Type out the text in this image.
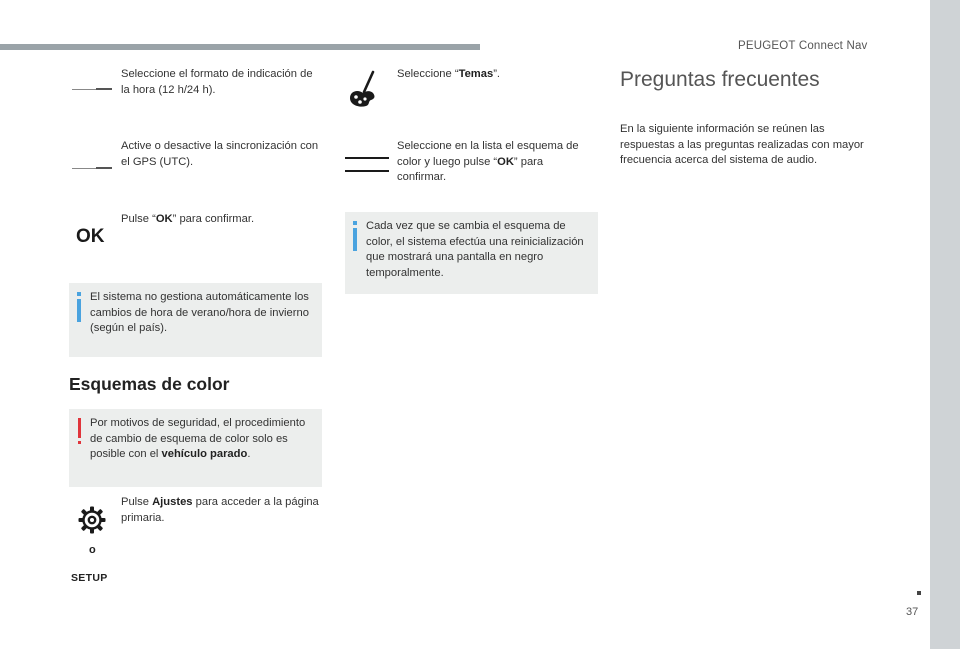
PEUGEOT Connect Nav
37
Seleccione el formato de indicación de la hora (12 h/24 h).
Active o desactive la sincronización con el GPS (UTC).
OK
Pulse “OK” para confirmar.
El sistema no gestiona automáticamente los cambios de hora de verano/hora de invierno (según el país).
Esquemas de color
Por motivos de seguridad, el procedimiento de cambio de esquema de color solo es posible con el vehículo parado.
Pulse Ajustes para acceder a la página primaria.
o
SETUP
Seleccione “Temas”.
Seleccione en la lista el esquema de color y luego pulse “OK” para confirmar.
Cada vez que se cambia el esquema de color, el sistema efectúa una reinicialización que mostrará una pantalla en negro temporalmente.
Preguntas frecuentes
En la siguiente información se reúnen las respuestas a las preguntas realizadas con mayor frecuencia acerca del sistema de audio.
